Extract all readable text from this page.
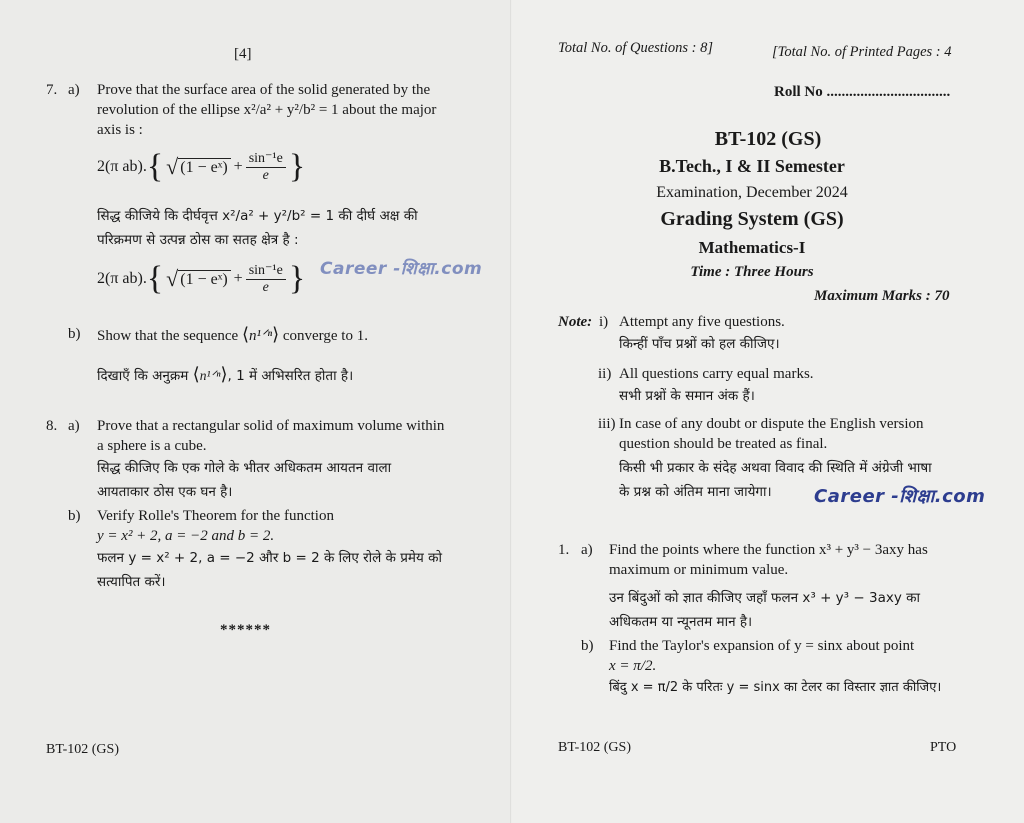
[4]
7. a) Prove that the surface area of the solid generated by the
revolution of the ellipse x²/a² + y²/b² = 1 about the major
axis is :
2(π ab). { √ (1 − eˣ) + $\frac{\text{sin⁻¹e}}{e}$ }
सिद्ध कीजिये कि दीर्घवृत्त x²/a² + y²/b² = 1 की दीर्घ अक्ष की
परिक्रमण से उत्पन्न ठोस का सतह क्षेत्र है :
2(π ab). { √ (1 − eˣ) + $\frac{\text{sin⁻¹e}}{e}$ } Career -शिक्षा.com
b) Show that the sequence ⟨n¹ᐟⁿ⟩ converge to 1.
दिखाएँ कि अनुक्रम ⟨n¹ᐟⁿ⟩, 1 में अभिसरित होता है।
8. a) Prove that a rectangular solid of maximum volume within
a sphere is a cube.
सिद्ध कीजिए कि एक गोले के भीतर अधिकतम आयतन वाला
आयताकार ठोस एक घन है।
b) Verify Rolle's Theorem for the function
y = x² + 2, a = −2 and b = 2.
फलन y = x² + 2, a = −2 और b = 2 के लिए रोले के प्रमेय को
सत्यापित करें।
******
BT-102 (GS)
Total No. of Questions : 8]	[Total No. of Printed Pages : 4
Roll No .................................
BT-102 (GS)
B.Tech., I & II Semester
Examination, December 2024
Grading System (GS)
Mathematics-I
Time : Three Hours
Maximum Marks : 70
Note: i) Attempt any five questions.
किन्हीं पाँच प्रश्नों को हल कीजिए।
ii) All questions carry equal marks.
सभी प्रश्नों के समान अंक हैं।
iii) In case of any doubt or dispute the English version
question should be treated as final.
किसी भी प्रकार के संदेह अथवा विवाद की स्थिति में अंग्रेजी भाषा
के प्रश्न को अंतिम माना जायेगा। Career -शिक्षा.com
1. a) Find the points where the function x³ + y³ − 3axy has
maximum or minimum value.
उन बिंदुओं को ज्ञात कीजिए जहाँ फलन x³ + y³ − 3axy का
अधिकतम या न्यूनतम मान है।
b) Find the Taylor's expansion of y = sinx about point
x = π/2.
बिंदु x = π/2 के परितः y = sinx का टेलर का विस्तार ज्ञात कीजिए।
BT-102 (GS)	PTO
